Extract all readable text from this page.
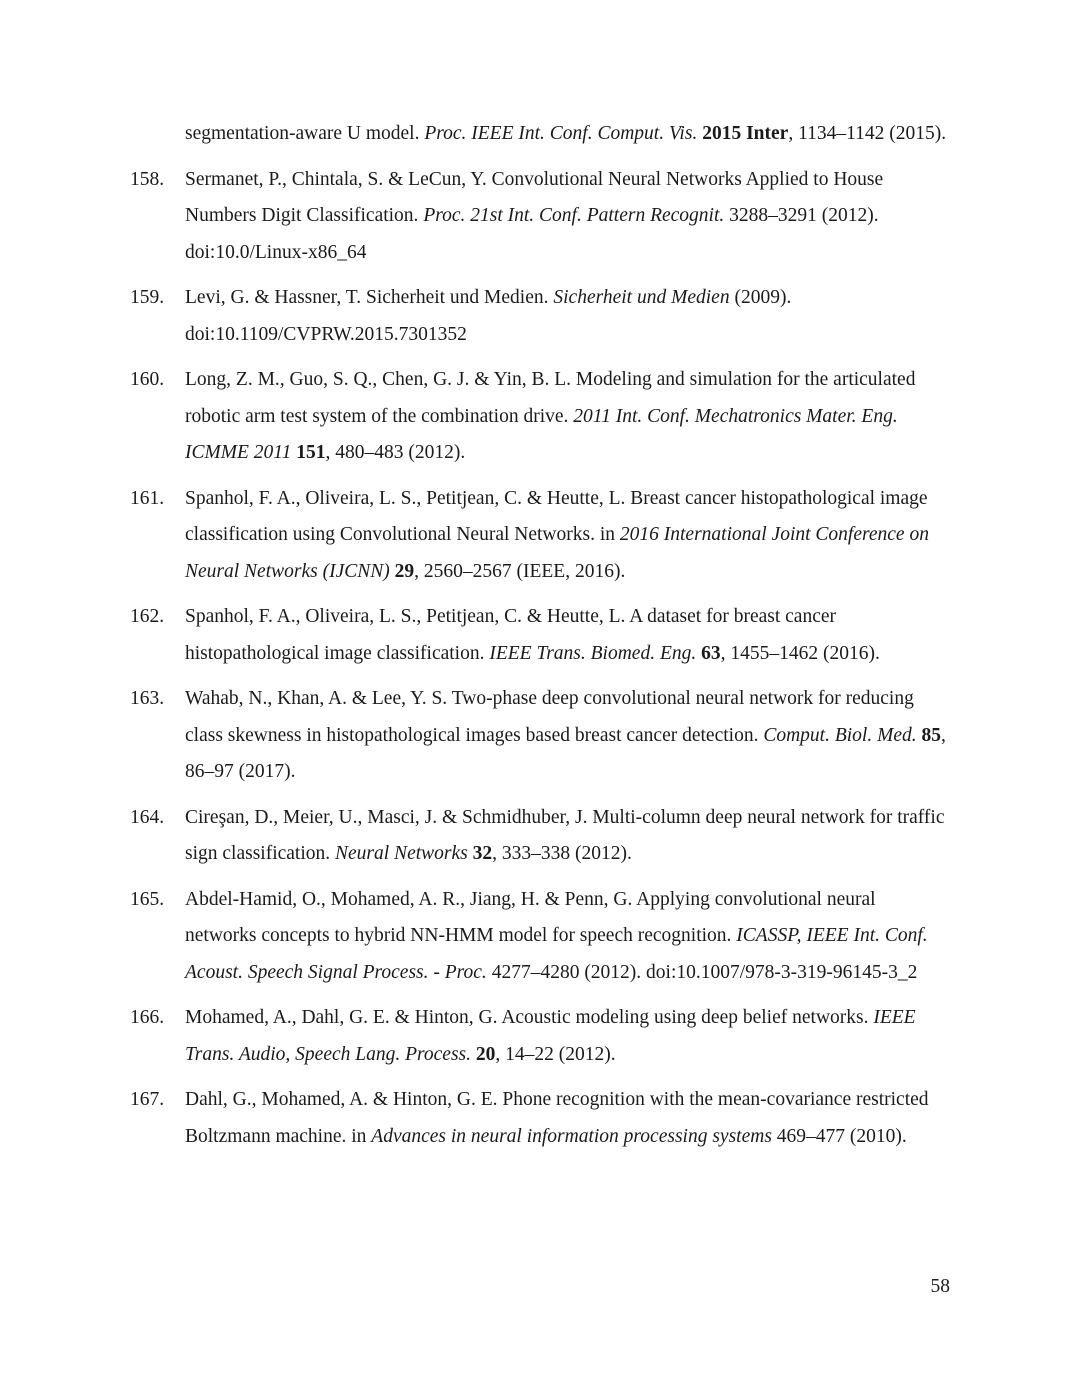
segmentation-aware U model. Proc. IEEE Int. Conf. Comput. Vis. 2015 Inter, 1134–1142 (2015).
158.	Sermanet, P., Chintala, S. & LeCun, Y. Convolutional Neural Networks Applied to House Numbers Digit Classification. Proc. 21st Int. Conf. Pattern Recognit. 3288–3291 (2012). doi:10.0/Linux-x86_64
159.	Levi, G. & Hassner, T. Sicherheit und Medien. Sicherheit und Medien (2009). doi:10.1109/CVPRW.2015.7301352
160.	Long, Z. M., Guo, S. Q., Chen, G. J. & Yin, B. L. Modeling and simulation for the articulated robotic arm test system of the combination drive. 2011 Int. Conf. Mechatronics Mater. Eng. ICMME 2011 151, 480–483 (2012).
161.	Spanhol, F. A., Oliveira, L. S., Petitjean, C. & Heutte, L. Breast cancer histopathological image classification using Convolutional Neural Networks. in 2016 International Joint Conference on Neural Networks (IJCNN) 29, 2560–2567 (IEEE, 2016).
162.	Spanhol, F. A., Oliveira, L. S., Petitjean, C. & Heutte, L. A dataset for breast cancer histopathological image classification. IEEE Trans. Biomed. Eng. 63, 1455–1462 (2016).
163.	Wahab, N., Khan, A. & Lee, Y. S. Two-phase deep convolutional neural network for reducing class skewness in histopathological images based breast cancer detection. Comput. Biol. Med. 85, 86–97 (2017).
164.	Cireşan, D., Meier, U., Masci, J. & Schmidhuber, J. Multi-column deep neural network for traffic sign classification. Neural Networks 32, 333–338 (2012).
165.	Abdel-Hamid, O., Mohamed, A. R., Jiang, H. & Penn, G. Applying convolutional neural networks concepts to hybrid NN-HMM model for speech recognition. ICASSP, IEEE Int. Conf. Acoust. Speech Signal Process. - Proc. 4277–4280 (2012). doi:10.1007/978-3-319-96145-3_2
166.	Mohamed, A., Dahl, G. E. & Hinton, G. Acoustic modeling using deep belief networks. IEEE Trans. Audio, Speech Lang. Process. 20, 14–22 (2012).
167.	Dahl, G., Mohamed, A. & Hinton, G. E. Phone recognition with the mean-covariance restricted Boltzmann machine. in Advances in neural information processing systems 469–477 (2010).
58
